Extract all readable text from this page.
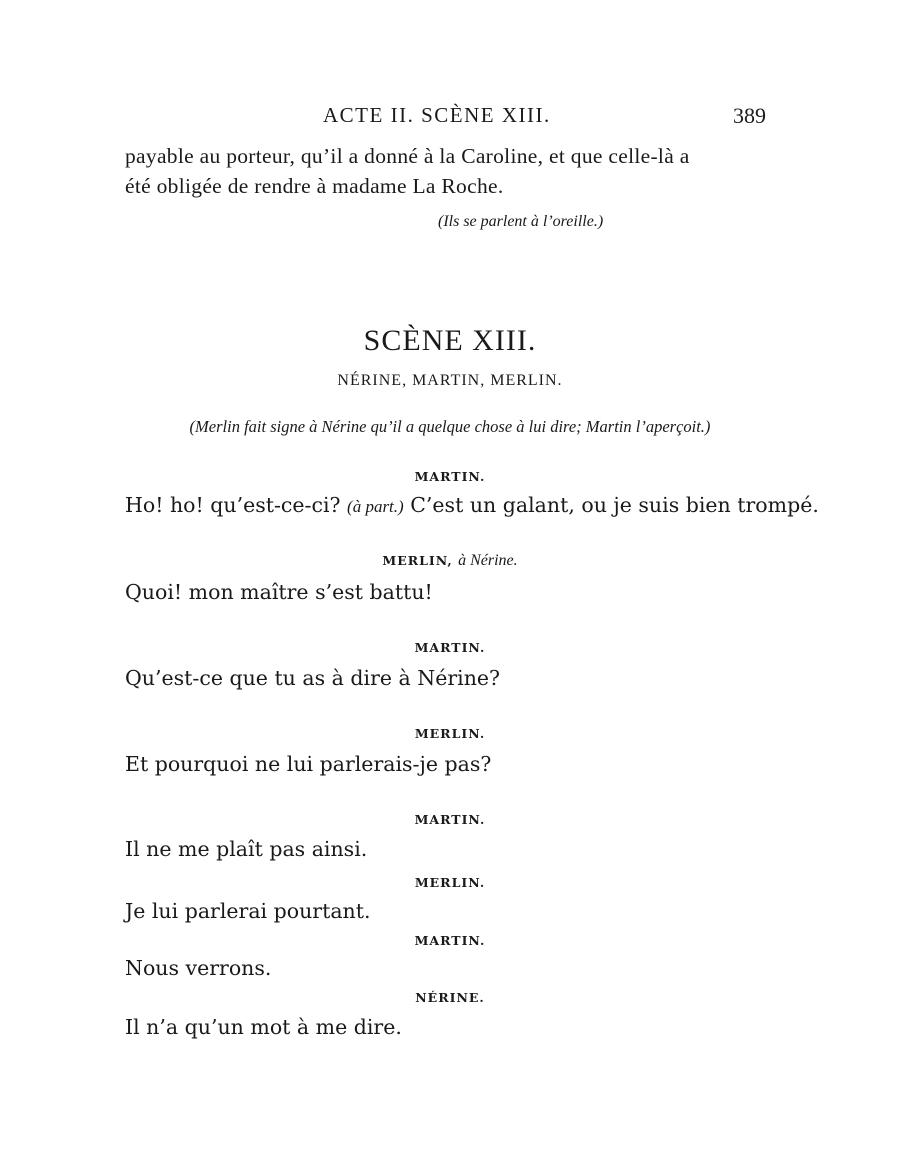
ACTE II. SCÈNE XIII.	389
payable au porteur, qu’il a donné à la Caroline, et que celle-là a
été obligée de rendre à madame La Roche.
(Ils se parlent à l’oreille.)
SCÈNE XIII.
NÉRINE, MARTIN, MERLIN.
(Merlin fait signe à Nérine qu’il a quelque chose à lui dire; Martin l’aperçoit.)
MARTIN.
Ho! ho! qu’est-ce-ci? (à part.) C’est un galant, ou je suis bien trompé.
MERLIN, à Nérine.
Quoi! mon maître s’est battu!
MARTIN.
Qu’est-ce que tu as à dire à Nérine?
MERLIN.
Et pourquoi ne lui parlerais-je pas?
MARTIN.
Il ne me plaît pas ainsi.
MERLIN.
Je lui parlerai pourtant.
MARTIN.
Nous verrons.
NÉRINE.
Il n’a qu’un mot à me dire.
